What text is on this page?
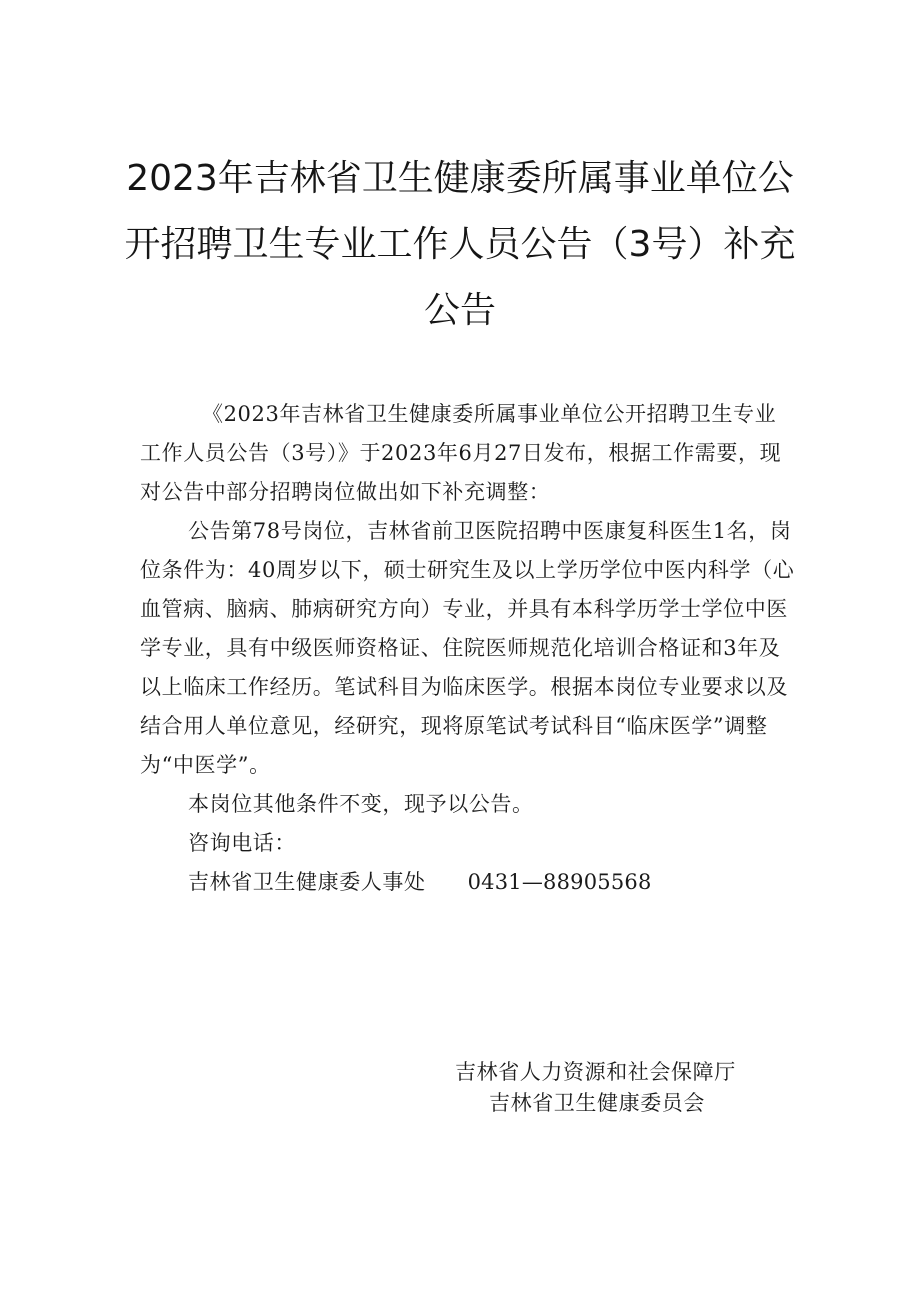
2023年吉林省卫生健康委所属事业单位公
开招聘卫生专业工作人员公告（3号）补充
公告

《2023年吉林省卫生健康委所属事业单位公开招聘卫生专业工作人员公告（3号）》于2023年6月27日发布，根据工作需要，现对公告中部分招聘岗位做出如下补充调整：

公告第78号岗位，吉林省前卫医院招聘中医康复科医生1名，岗位条件为：40周岁以下，硕士研究生及以上学历学位中医内科学（心血管病、脑病、肺病研究方向）专业，并具有本科学历学士学位中医学专业，具有中级医师资格证、住院医师规范化培训合格证和3年及以上临床工作经历。笔试科目为临床医学。根据本岗位专业要求以及结合用人单位意见，经研究，现将原笔试考试科目“临床医学”调整为“中医学”。

本岗位其他条件不变，现予以公告。

咨询电话：

吉林省卫生健康委人事处 0431—88905568

吉林省人力资源和社会保障厅
吉林省卫生健康委员会
